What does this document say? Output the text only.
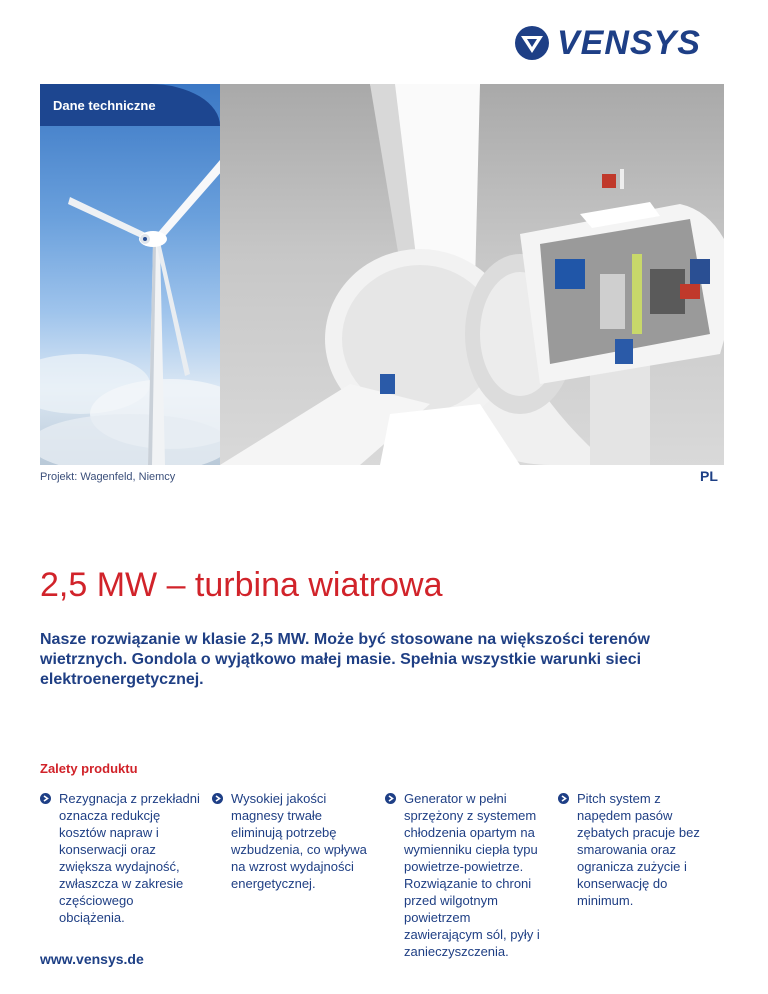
VENSYS
Dane techniczne
Projekt: Wagenfeld, Niemcy	PL
2,5 MW – turbina wiatrowa

Nasze rozwiązanie w klasie 2,5 MW. Może być stosowane na większości terenów wietrznych. Gondola o wyjątkowo małej masie. Spełnia wszystkie warunki sieci elektroenergetycznej.

Zalety produktu
Rezygnacja z przekładni oznacza redukcję kosztów napraw i konserwacji oraz zwiększa wydajność, zwłaszcza w zakresie częściowego obciążenia.
Wysokiej jakości magnesy trwałe eliminują potrzebę wzbudzenia, co wpływa na wzrost wydajności energetycznej.
Generator w pełni sprzężony z systemem chłodzenia opartym na wymienniku ciepła typu powietrze-powietrze. Rozwiązanie to chroni przed wilgotnym powietrzem zawierającym sól, pyły i zanieczyszczenia.
Pitch system z napędem pasów zębatych pracuje bez smarowania oraz ogranicza zużycie i konserwację do minimum.
www.vensys.de
